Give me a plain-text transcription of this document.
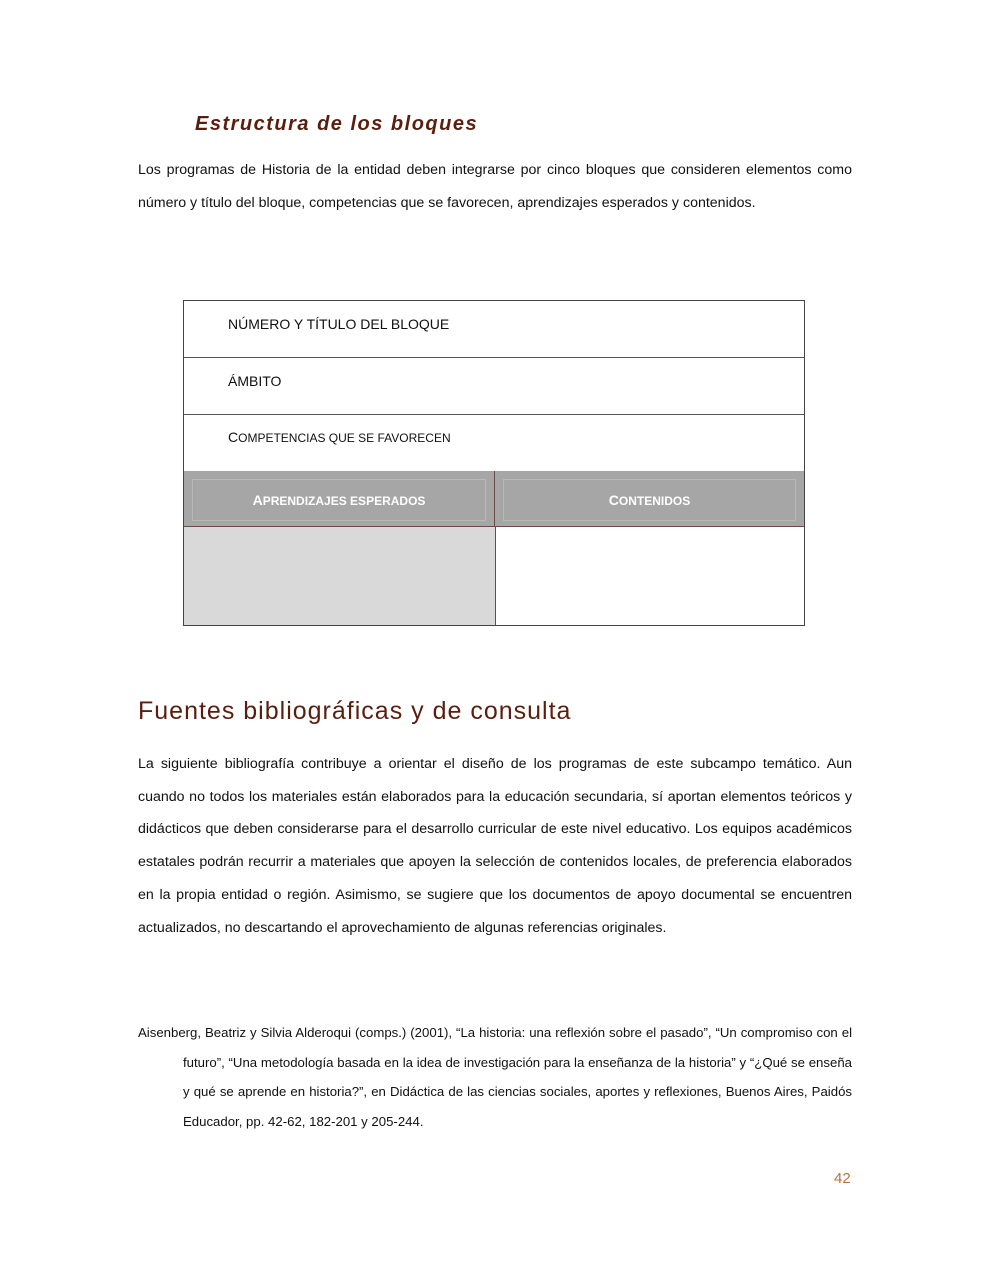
Estructura de los bloques
Los programas de Historia de la entidad deben integrarse por cinco bloques que consideren elementos como número y título del bloque, competencias que se favorecen, aprendizajes esperados y contenidos.
NÚMERO Y TÍTULO DEL BLOQUE
ÁMBITO
COMPETENCIAS QUE SE FAVORECEN
APRENDIZAJES ESPERADOS	CONTENIDOS
Fuentes bibliográficas y de consulta
La siguiente bibliografía contribuye a orientar el diseño de los programas de este subcampo temático. Aun cuando no todos los materiales están elaborados para la educación secundaria, sí aportan elementos teóricos y didácticos que deben considerarse para el desarrollo curricular de este nivel educativo. Los equipos académicos estatales podrán recurrir a materiales que apoyen la selección de contenidos locales, de preferencia elaborados en la propia entidad o región. Asimismo, se sugiere que los documentos de apoyo documental se encuentren actualizados, no descartando el aprovechamiento de algunas referencias originales.
Aisenberg, Beatriz y Silvia Alderoqui (comps.) (2001), “La historia: una reflexión sobre el pasado”, “Un compromiso con el futuro”, “Una metodología basada en la idea de investigación para la enseñanza de la historia” y “¿Qué se enseña y qué se aprende en historia?”, en Didáctica de las ciencias sociales, aportes y reflexiones, Buenos Aires, Paidós Educador, pp. 42-62, 182-201 y 205-244.
42
